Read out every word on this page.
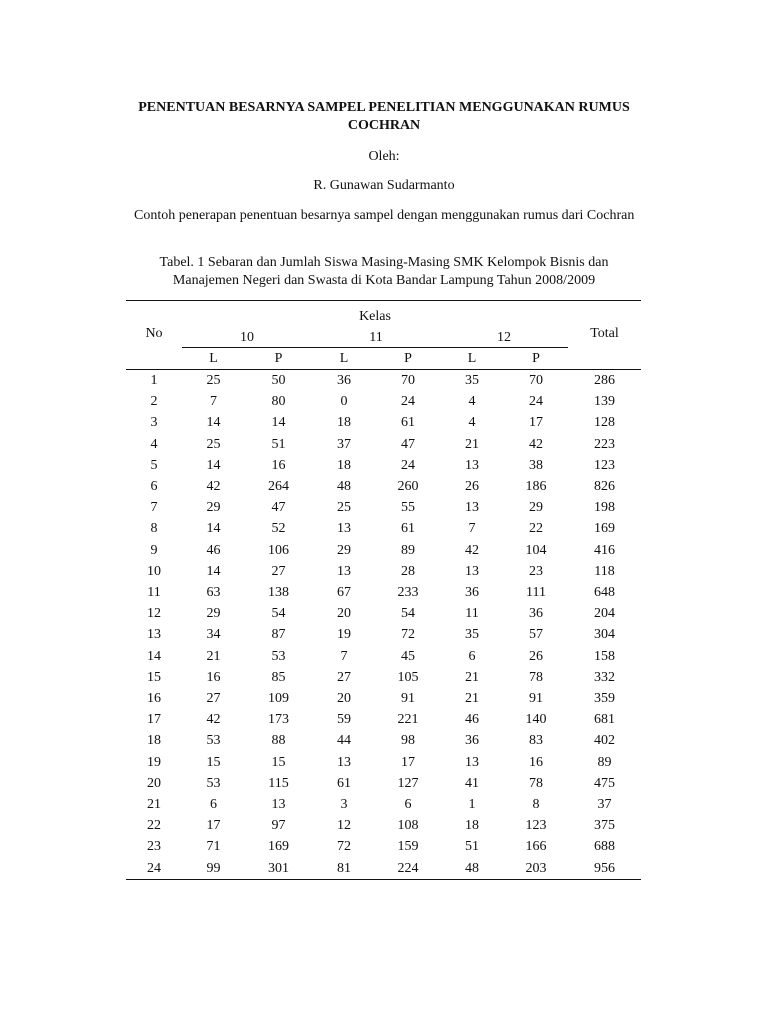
PENENTUAN BESARNYA SAMPEL PENELITIAN MENGGUNAKAN RUMUS
COCHRAN
Oleh:
R. Gunawan Sudarmanto
Contoh penerapan penentuan besarnya sampel dengan menggunakan rumus dari Cochran
Tabel. 1 Sebaran dan Jumlah Siswa Masing-Masing SMK Kelompok Bisnis dan
Manajemen Negeri dan Swasta di Kota Bandar Lampung Tahun 2008/2009
No	Kelas						Total
	10		11		12		
	L	P	L	P	L	P	
1	25	50	36	70	35	70	286
2	7	80	0	24	4	24	139
3	14	14	18	61	4	17	128
4	25	51	37	47	21	42	223
5	14	16	18	24	13	38	123
6	42	264	48	260	26	186	826
7	29	47	25	55	13	29	198
8	14	52	13	61	7	22	169
9	46	106	29	89	42	104	416
10	14	27	13	28	13	23	118
11	63	138	67	233	36	111	648
12	29	54	20	54	11	36	204
13	34	87	19	72	35	57	304
14	21	53	7	45	6	26	158
15	16	85	27	105	21	78	332
16	27	109	20	91	21	91	359
17	42	173	59	221	46	140	681
18	53	88	44	98	36	83	402
19	15	15	13	17	13	16	89
20	53	115	61	127	41	78	475
21	6	13	3	6	1	8	37
22	17	97	12	108	18	123	375
23	71	169	72	159	51	166	688
24	99	301	81	224	48	203	956
